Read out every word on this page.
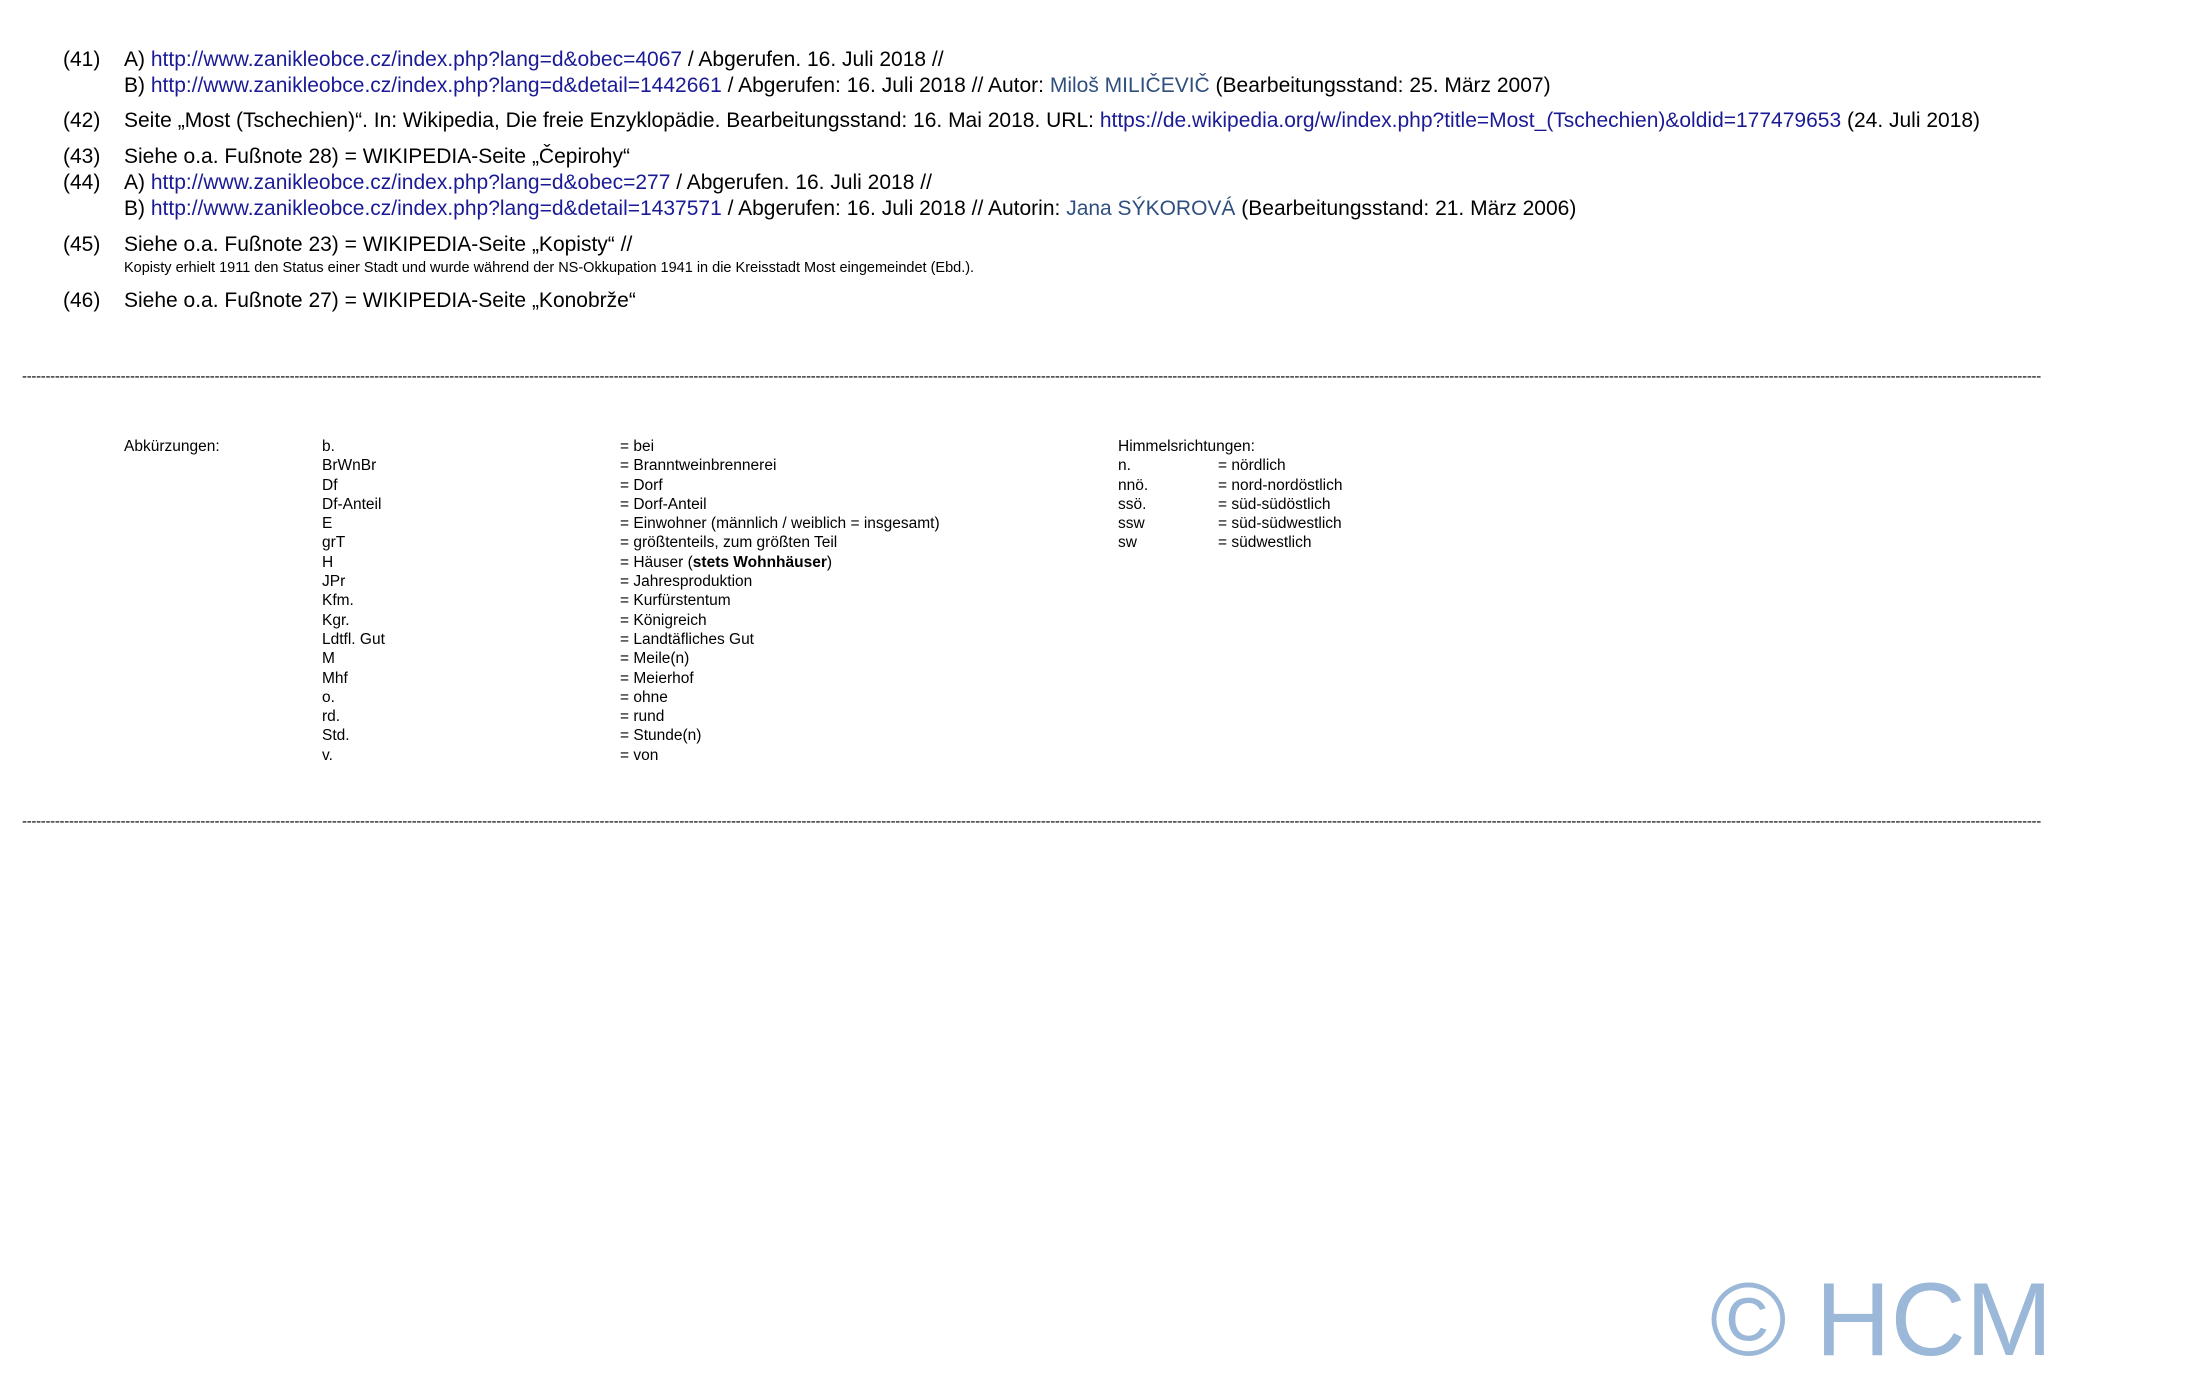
(41) A) http://www.zanikleobce.cz/index.php?lang=d&obec=4067 / Abgerufen. 16. Juli 2018 //
B) http://www.zanikleobce.cz/index.php?lang=d&detail=1442661 / Abgerufen: 16. Juli 2018 // Autor: Miloš MILIČEVIČ (Bearbeitungsstand: 25. März 2007)
(42) Seite „Most (Tschechien)“. In: Wikipedia, Die freie Enzyklopädie. Bearbeitungsstand: 16. Mai 2018. URL: https://de.wikipedia.org/w/index.php?title=Most_(Tschechien)&oldid=177479653 (24. Juli 2018)
(43) Siehe o.a. Fußnote 28) = WIKIPEDIA-Seite „Čepirohy“
(44) A) http://www.zanikleobce.cz/index.php?lang=d&obec=277 / Abgerufen. 16. Juli 2018 //
B) http://www.zanikleobce.cz/index.php?lang=d&detail=1437571 / Abgerufen: 16. Juli 2018 // Autorin: Jana SÝKOROVÁ (Bearbeitungsstand: 21. März 2006)
(45) Siehe o.a. Fußnote 23) = WIKIPEDIA-Seite „Kopisty“ //
Kopisty erhielt 1911 den Status einer Stadt und wurde während der NS-Okkupation 1941 in die Kreisstadt Most eingemeindet (Ebd.).
(46) Siehe o.a. Fußnote 27) = WIKIPEDIA-Seite „Konobrže“
----------------------------------------------------------------------------------------------------------------------------------------------------------------------------------------------------------------------------------------------------------------------------------------------------------------------------------------------------------------------------------------------------------------------------------------------
Abkürzungen:	b.
BrWnBr
Df
Df-Anteil
E
grT
H
JPr
Kfm.
Kgr.
Ldtfl. Gut
M
Mhf
o.
rd.
Std.
v.
= bei
= Branntweinbrennerei
= Dorf
= Dorf-Anteil
= Einwohner (männlich / weiblich = insgesamt)
= größtenteils, zum größten Teil
= Häuser (stets Wohnhäuser)
= Jahresproduktion
= Kurfürstentum
= Königreich
= Landtäfliches Gut
= Meile(n)
= Meierhof
= ohne
= rund
= Stunde(n)
= von
Himmelsrichtungen:
n.
nnö.
ssö.
ssw
sw
= nördlich
= nord-nordöstlich
= süd-südöstlich
= süd-südwestlich
= südwestlich
----------------------------------------------------------------------------------------------------------------------------------------------------------------------------------------------------------------------------------------------------------------------------------------------------------------------------------------------------------------------------------------------------------------------------------------------
© HCM
